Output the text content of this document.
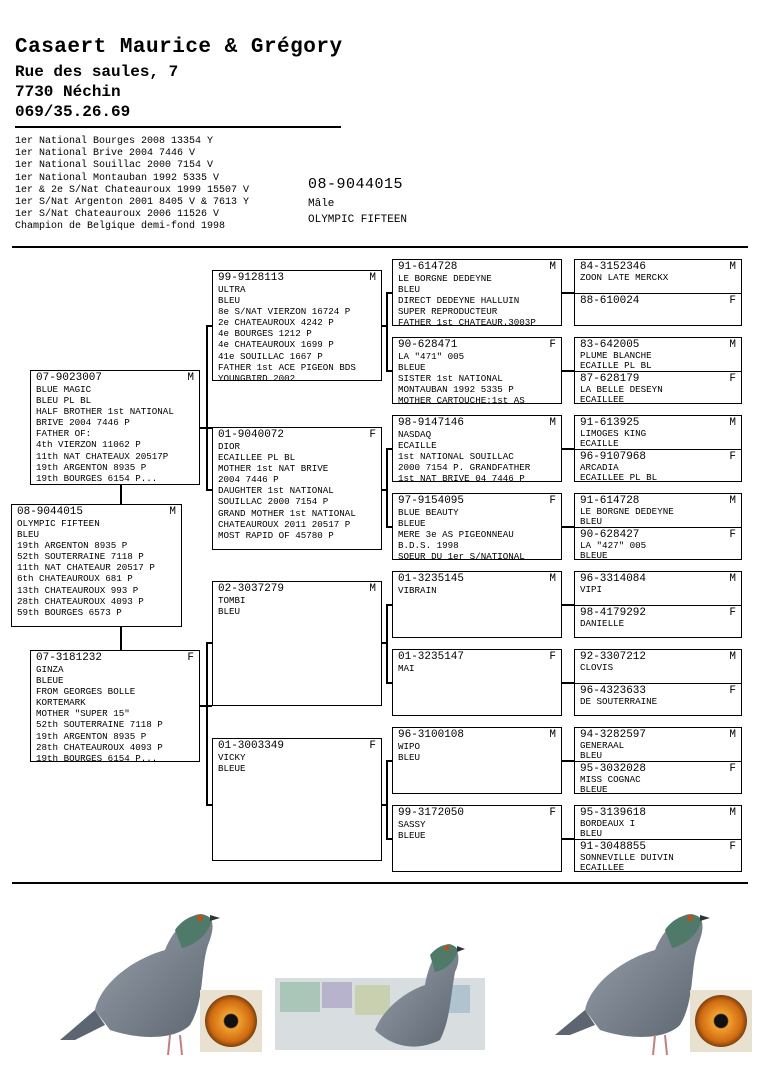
Casaert Maurice & Grégory
Rue des saules, 7
7730 Néchin
069/35.26.69
1er National Bourges 2008 13354 Y
1er National Brive 2004 7446 V
1er National Souillac 2000 7154 V
1er National Montauban 1992 5335 V
1er & 2e S/Nat Chateauroux 1999 15507 V
1er S/Nat Argenton 2001 8405 V & 7613 Y
1er S/Nat Chateauroux 2006 11526 V
Champion de Belgique demi-fond 1998
08-9044015
Mâle
OLYMPIC FIFTEEN
08-9044015	M
OLYMPIC FIFTEEN
BLEU
19th ARGENTON 8935 P
52th SOUTERRAINE 7118 P
11th NAT CHATEAUR 20517 P
6th CHATEAUROUX 681 P
13th CHATEAUROUX 993 P
28th CHATEAUROUX 4093 P
59th BOURGES 6573 P
07-9023007	M
BLUE MAGIC
BLEU PL BL
HALF BROTHER 1st NATIONAL
BRIVE 2004 7446 P
FATHER OF:
4th VIERZON 11062 P
11th NAT CHATEAUX 20517P
19th ARGENTON 8935 P
19th BOURGES 6154 P...
07-3181232	F
GINZA
BLEUE
FROM GEORGES BOLLE
KORTEMARK
MOTHER "SUPER 15"
52th SOUTERRAINE 7118 P
19th ARGENTON 8935 P
28th CHATEAUROUX 4093 P
19th BOURGES 6154 P...
99-9128113	M
ULTRA
BLEU
8e S/NAT VIERZON 16724 P
2e CHATEAUROUX 4242 P
4e BOURGES 1212 P
4e CHATEAUROUX 1699 P
41e SOUILLAC 1667 P
FATHER 1st ACE PIGEON BDS
YOUNGBIRD 2002
01-9040072	F
DIOR
ECAILLEE PL BL
MOTHER 1st NAT BRIVE
2004 7446 P
DAUGHTER 1st NATIONAL
SOUILLAC 2000 7154 P
GRAND MOTHER 1st NATIONAL
CHATEAUROUX 2011 20517 P
MOST RAPID OF 45780 P
02-3037279	M
TOMBI
BLEU
01-3003349	F
VICKY
BLEUE
91-614728	M
LE BORGNE DEDEYNE
BLEU
DIRECT DEDEYNE HALLUIN
SUPER REPRODUCTEUR
FATHER 1st CHATEAUR.3003P
90-628471	F
LA "471" 005
BLEUE
SISTER 1st NATIONAL
MONTAUBAN 1992 5335 P
MOTHER CARTOUCHE:1st AS
98-9147146	M
NASDAQ
ECAILLE
1st NATIONAL SOUILLAC
2000 7154 P. GRANDFATHER
1st NAT BRIVE 04 7446 P
97-9154095	F
BLUE BEAUTY
BLEUE
MERE 3e AS PIGEONNEAU
B.D.S. 1998
SOEUR DU 1er S/NATIONAL
01-3235145	M
VIBRAIN
01-3235147	F
MAI
96-3100108	M
WIPO
BLEU
99-3172050	F
SASSY
BLEUE
84-3152346	M
ZOON LATE MERCKX
88-610024	F
83-642005	M
PLUME BLANCHE
ECAILLE PL BL
87-628179	F
LA BELLE DESEYN
ECAILLEE
91-613925	M
LIMOGES KING
ECAILLE
96-9107968	F
ARCADIA
ECAILLEE PL BL
91-614728	M
LE BORGNE DEDEYNE
BLEU
90-628427	F
LA "427" 005
BLEUE
96-3314084	M
VIPI
98-4179292	F
DANIELLE
92-3307212	M
CLOVIS
96-4323633	F
DE SOUTERRAINE
94-3282597	M
GENERAAL
BLEU
95-3032028	F
MISS COGNAC
BLEUE
95-3139618	M
BORDEAUX I
BLEU
91-3048855	F
SONNEVILLE DUIVIN
ECAILLEE
